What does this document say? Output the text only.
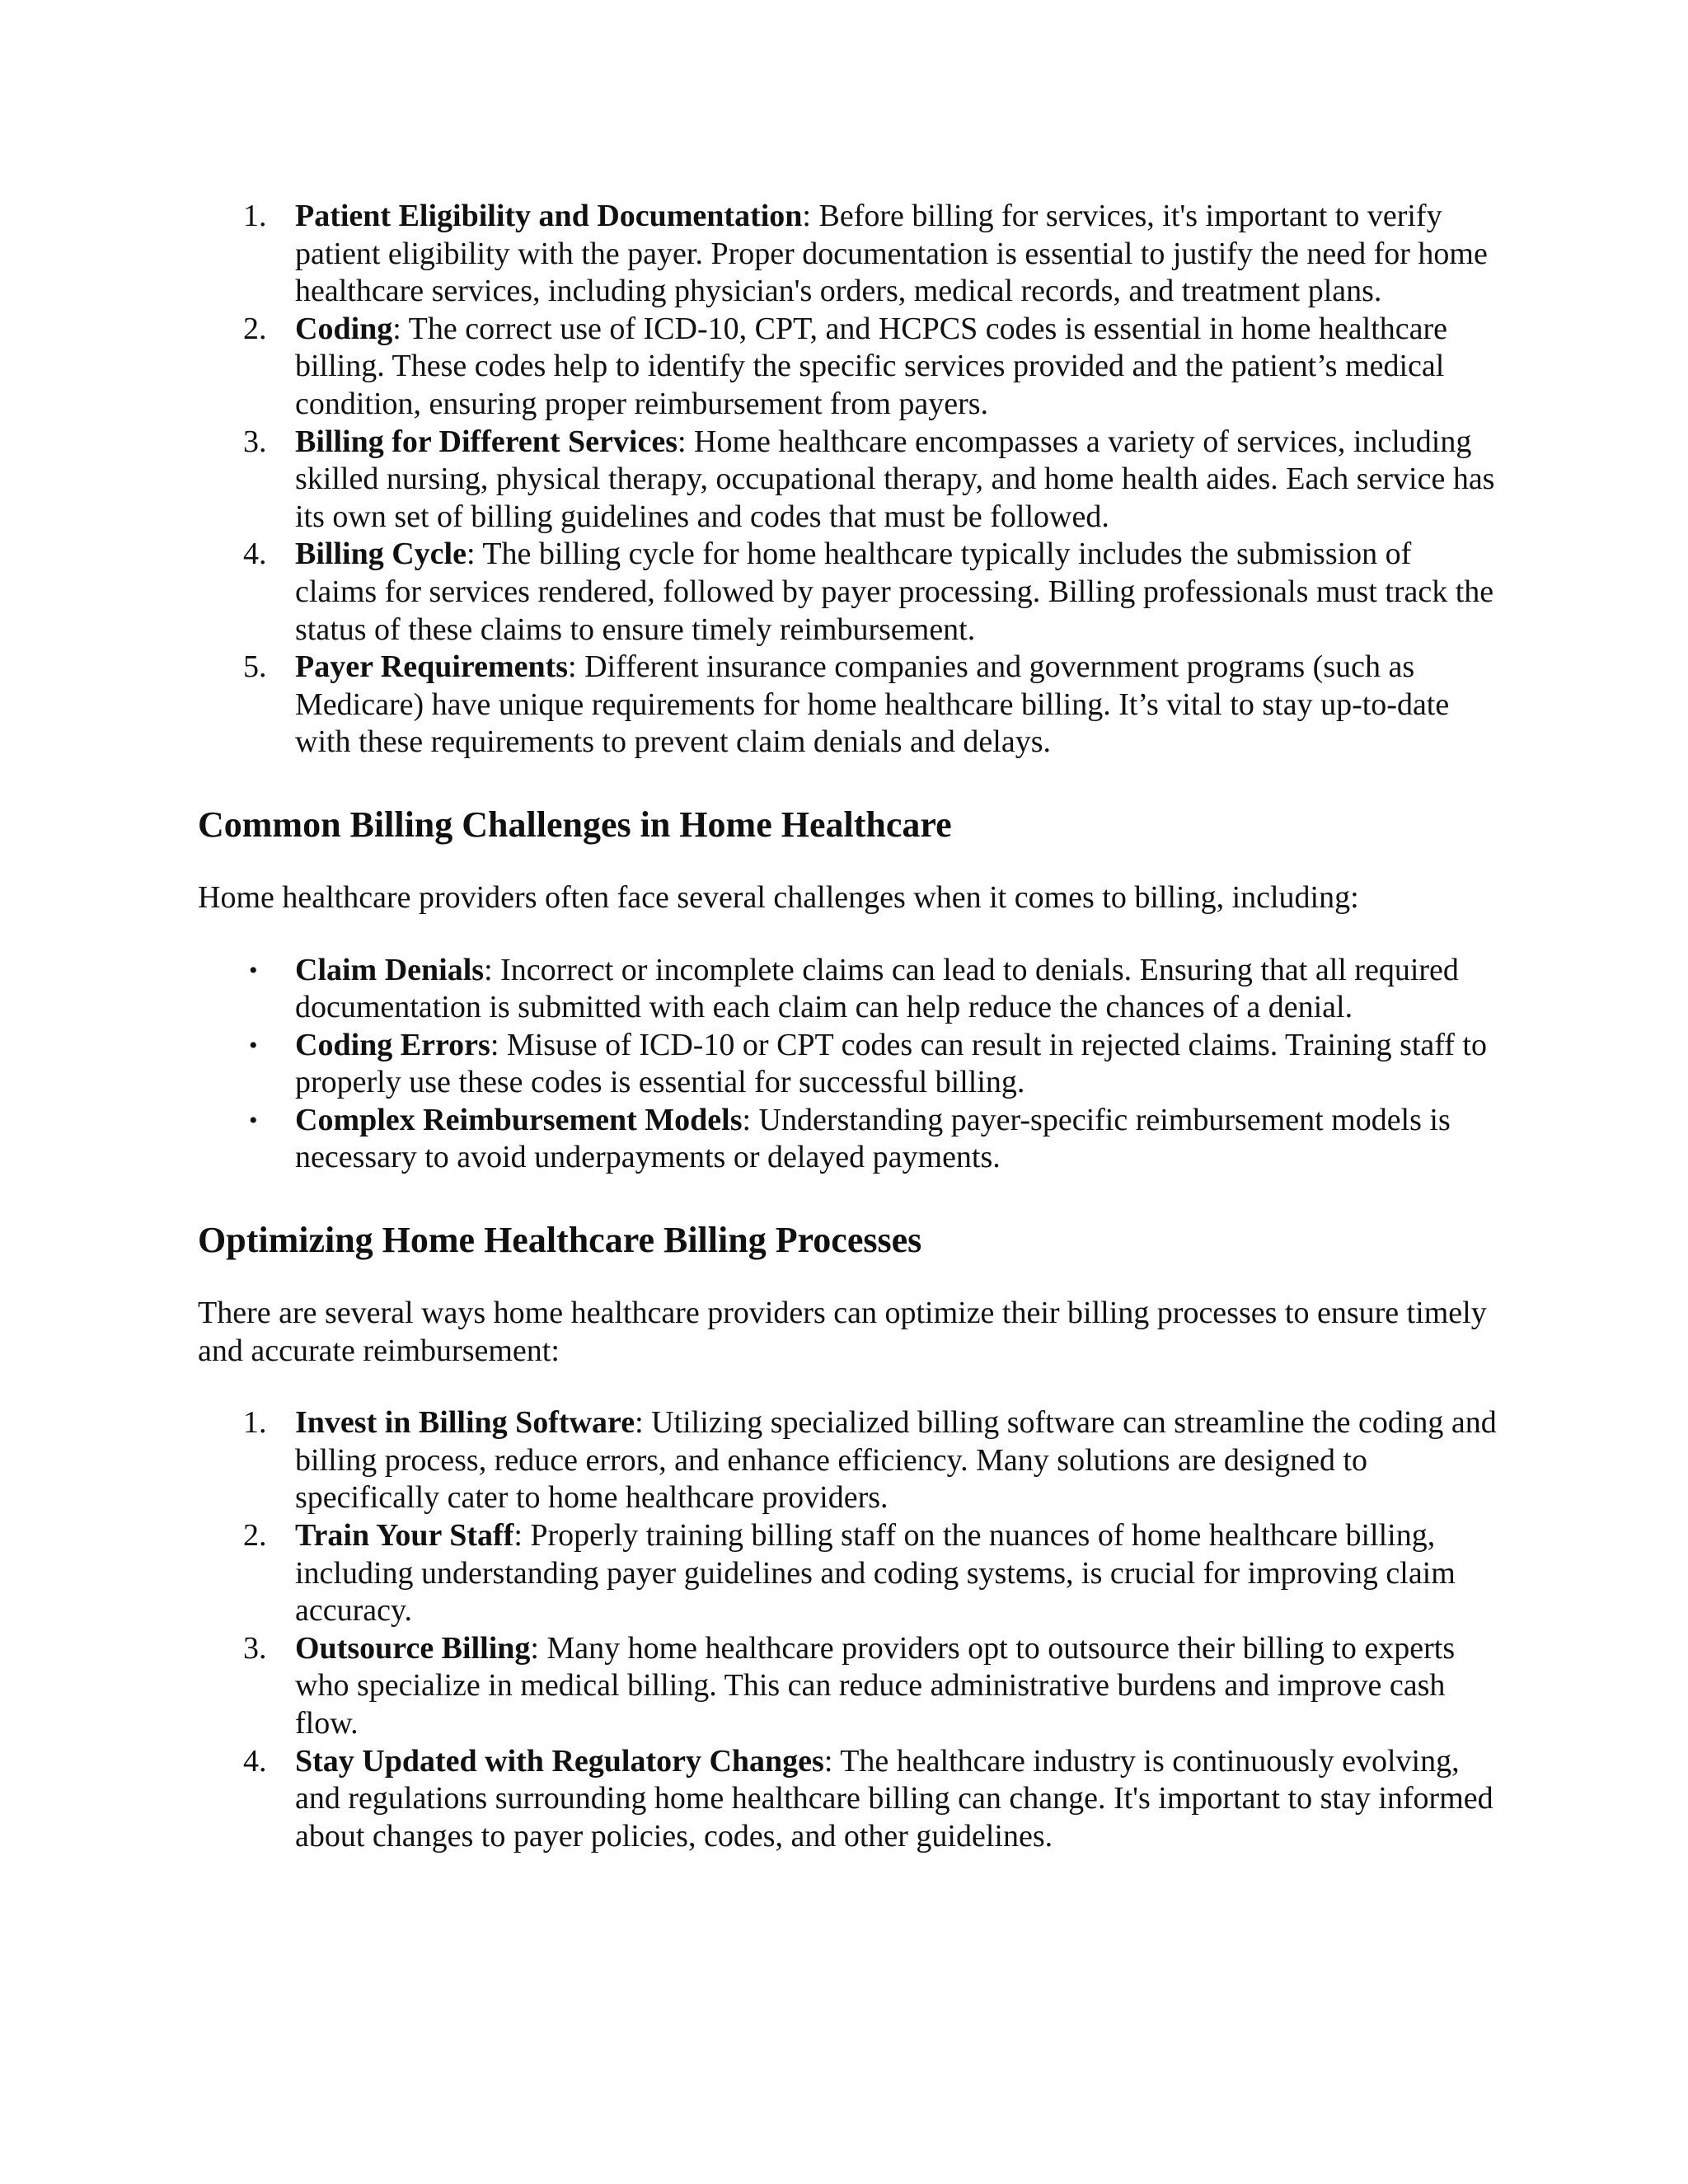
1. Patient Eligibility and Documentation: Before billing for services, it's important to verify patient eligibility with the payer. Proper documentation is essential to justify the need for home healthcare services, including physician's orders, medical records, and treatment plans.
2. Coding: The correct use of ICD-10, CPT, and HCPCS codes is essential in home healthcare billing. These codes help to identify the specific services provided and the patient’s medical condition, ensuring proper reimbursement from payers.
3. Billing for Different Services: Home healthcare encompasses a variety of services, including skilled nursing, physical therapy, occupational therapy, and home health aides. Each service has its own set of billing guidelines and codes that must be followed.
4. Billing Cycle: The billing cycle for home healthcare typically includes the submission of claims for services rendered, followed by payer processing. Billing professionals must track the status of these claims to ensure timely reimbursement.
5. Payer Requirements: Different insurance companies and government programs (such as Medicare) have unique requirements for home healthcare billing. It’s vital to stay up-to-date with these requirements to prevent claim denials and delays.
Common Billing Challenges in Home Healthcare

Home healthcare providers often face several challenges when it comes to billing, including:

• Claim Denials: Incorrect or incomplete claims can lead to denials. Ensuring that all required documentation is submitted with each claim can help reduce the chances of a denial.
• Coding Errors: Misuse of ICD-10 or CPT codes can result in rejected claims. Training staff to properly use these codes is essential for successful billing.
• Complex Reimbursement Models: Understanding payer-specific reimbursement models is necessary to avoid underpayments or delayed payments.
Optimizing Home Healthcare Billing Processes

There are several ways home healthcare providers can optimize their billing processes to ensure timely and accurate reimbursement:

1. Invest in Billing Software: Utilizing specialized billing software can streamline the coding and billing process, reduce errors, and enhance efficiency. Many solutions are designed to specifically cater to home healthcare providers.
2. Train Your Staff: Properly training billing staff on the nuances of home healthcare billing, including understanding payer guidelines and coding systems, is crucial for improving claim accuracy.
3. Outsource Billing: Many home healthcare providers opt to outsource their billing to experts who specialize in medical billing. This can reduce administrative burdens and improve cash flow.
4. Stay Updated with Regulatory Changes: The healthcare industry is continuously evolving, and regulations surrounding home healthcare billing can change. It's important to stay informed about changes to payer policies, codes, and other guidelines.
